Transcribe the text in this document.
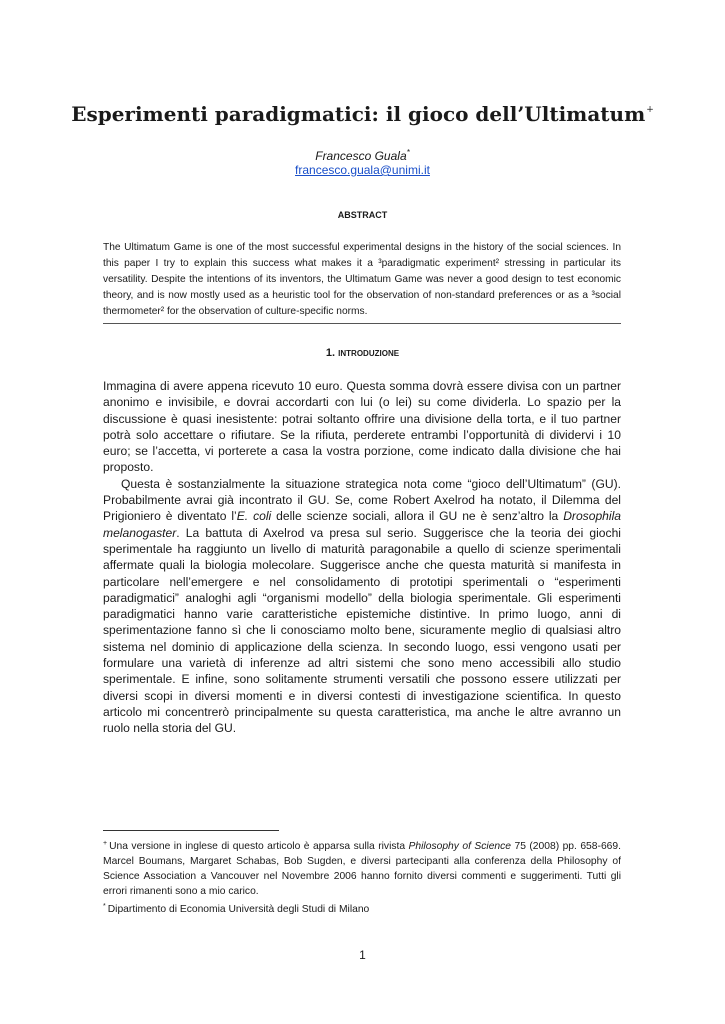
Esperimenti paradigmatici: il gioco dell’Ultimatum+
Francesco Guala*
francesco.guala@unimi.it
ABSTRACT

The Ultimatum Game is one of the most successful experimental designs in the history of the social sciences. In this paper I try to explain this success what makes it a ³paradigmatic experiment² stressing in particular its versatility. Despite the intentions of its inventors, the Ultimatum Game was never a good design to test economic theory, and is now mostly used as a heuristic tool for the observation of non-standard preferences or as a ³social thermometer² for the observation of culture-specific norms.

1. INTRODUZIONE

Immagina di avere appena ricevuto 10 euro. Questa somma dovrà essere divisa con un partner anonimo e invisibile, e dovrai accordarti con lui (o lei) su come dividerla. Lo spazio per la discussione è quasi inesistente: potrai soltanto offrire una divisione della torta, e il tuo partner potrà solo accettare o rifiutare. Se la rifiuta, perderete entrambi l’opportunità di dividervi i 10 euro; se l’accetta, vi porterete a casa la vostra porzione, come indicato dalla divisione che hai proposto.

Questa è sostanzialmente la situazione strategica nota come “gioco dell’Ultimatum” (GU). Probabilmente avrai già incontrato il GU. Se, come Robert Axelrod ha notato, il Dilemma del Prigioniero è diventato l’E. coli delle scienze sociali, allora il GU ne è senz’altro la Drosophila melanogaster. La battuta di Axelrod va presa sul serio. Suggerisce che la teoria dei giochi sperimentale ha raggiunto un livello di maturità paragonabile a quello di scienze sperimentali affermate quali la biologia molecolare. Suggerisce anche che questa maturità si manifesta in particolare nell’emergere e nel consolidamento di prototipi sperimentali o “esperimenti paradigmatici” analoghi agli “organismi modello” della biologia sperimentale. Gli esperimenti paradigmatici hanno varie caratteristiche epistemiche distintive. In primo luogo, anni di sperimentazione fanno sì che li conosciamo molto bene, sicuramente meglio di qualsiasi altro sistema nel dominio di applicazione della scienza. In secondo luogo, essi vengono usati per formulare una varietà di inferenze ad altri sistemi che sono meno accessibili allo studio sperimentale. E infine, sono solitamente strumenti versatili che possono essere utilizzati per diversi scopi in diversi momenti e in diversi contesti di investigazione scientifica. In questo articolo mi concentrerò principalmente su questa caratteristica, ma anche le altre avranno un ruolo nella storia del GU.

+ Una versione in inglese di questo articolo è apparsa sulla rivista Philosophy of Science 75 (2008) pp. 658-669. Marcel Boumans, Margaret Schabas, Bob Sugden, e diversi partecipanti alla conferenza della Philosophy of Science Association a Vancouver nel Novembre 2006 hanno fornito diversi commenti e suggerimenti. Tutti gli errori rimanenti sono a mio carico.

* Dipartimento di Economia Università degli Studi di Milano

1
